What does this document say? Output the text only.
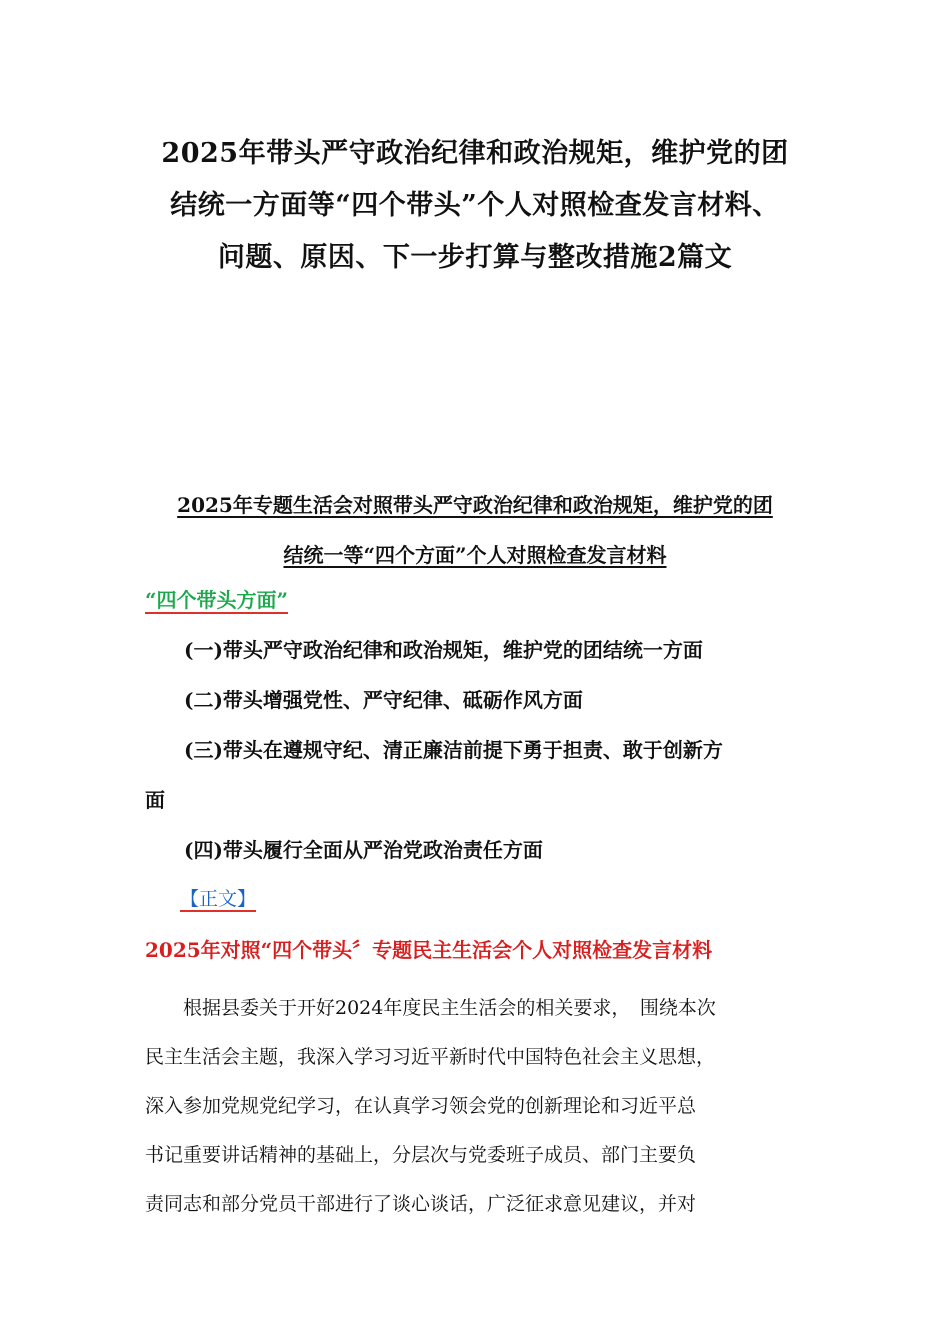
2025年带头严守政治纪律和政治规矩，维护党的团
结统一方面等“四个带头”个人对照检查发言材料、
问题、原因、下一步打算与整改措施2篇文
2025年专题生活会对照带头严守政治纪律和政治规矩，维护党的团
结统一等“四个方面”个人对照检查发言材料
“四个带头方面”
(一)带头严守政治纪律和政治规矩，维护党的团结统一方面
(二)带头增强党性、严守纪律、砥砺作风方面
(三)带头在遵规守纪、清正廉洁前提下勇于担责、敢于创新方
面
(四)带头履行全面从严治党政治责任方面
【正文】
2025年对照“四个带头〞专题民主生活会个人对照检查发言材料
　　根据县委关于开好2024年度民主生活会的相关要求，　围绕本次
民主生活会主题，我深入学习习近平新时代中国特色社会主义思想，
深入参加党规党纪学习，在认真学习领会党的创新理论和习近平总
书记重要讲话精神的基础上，分层次与党委班子成员、部门主要负
责同志和部分党员干部进行了谈心谈话，广泛征求意见建议，并对
